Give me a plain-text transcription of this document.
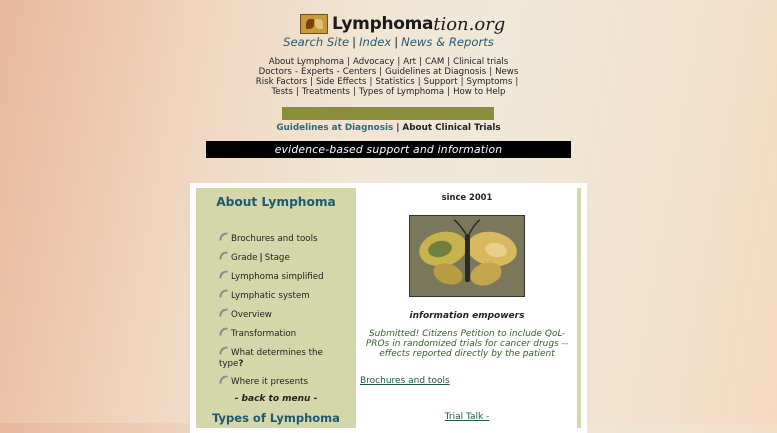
Lymphoma tion.org
Search Site | Index | News & Reports
About Lymphoma | Advocacy | Art | CAM | Clinical trials
Doctors - Experts - Centers | Guidelines at Diagnosis | News
Risk Factors | Side Effects | Statistics | Support | Symptoms |
Tests | Treatments | Types of Lymphoma | How to Help
Guidelines at Diagnosis | About Clinical Trials
evidence-based support and information
About Lymphoma
Brochures and tools
Grade | Stage
Lymphoma simplified
Lymphatic system
Overview
Transformation
What determines the type?
Where it presents
- back to menu -
Types of Lymphoma
since 2001
information empowers
Submitted! Citizens Petition to include QoL-PROs in randomized trials for cancer drugs -- effects reported directly by the patient
Brochures and tools
Trial Talk -
